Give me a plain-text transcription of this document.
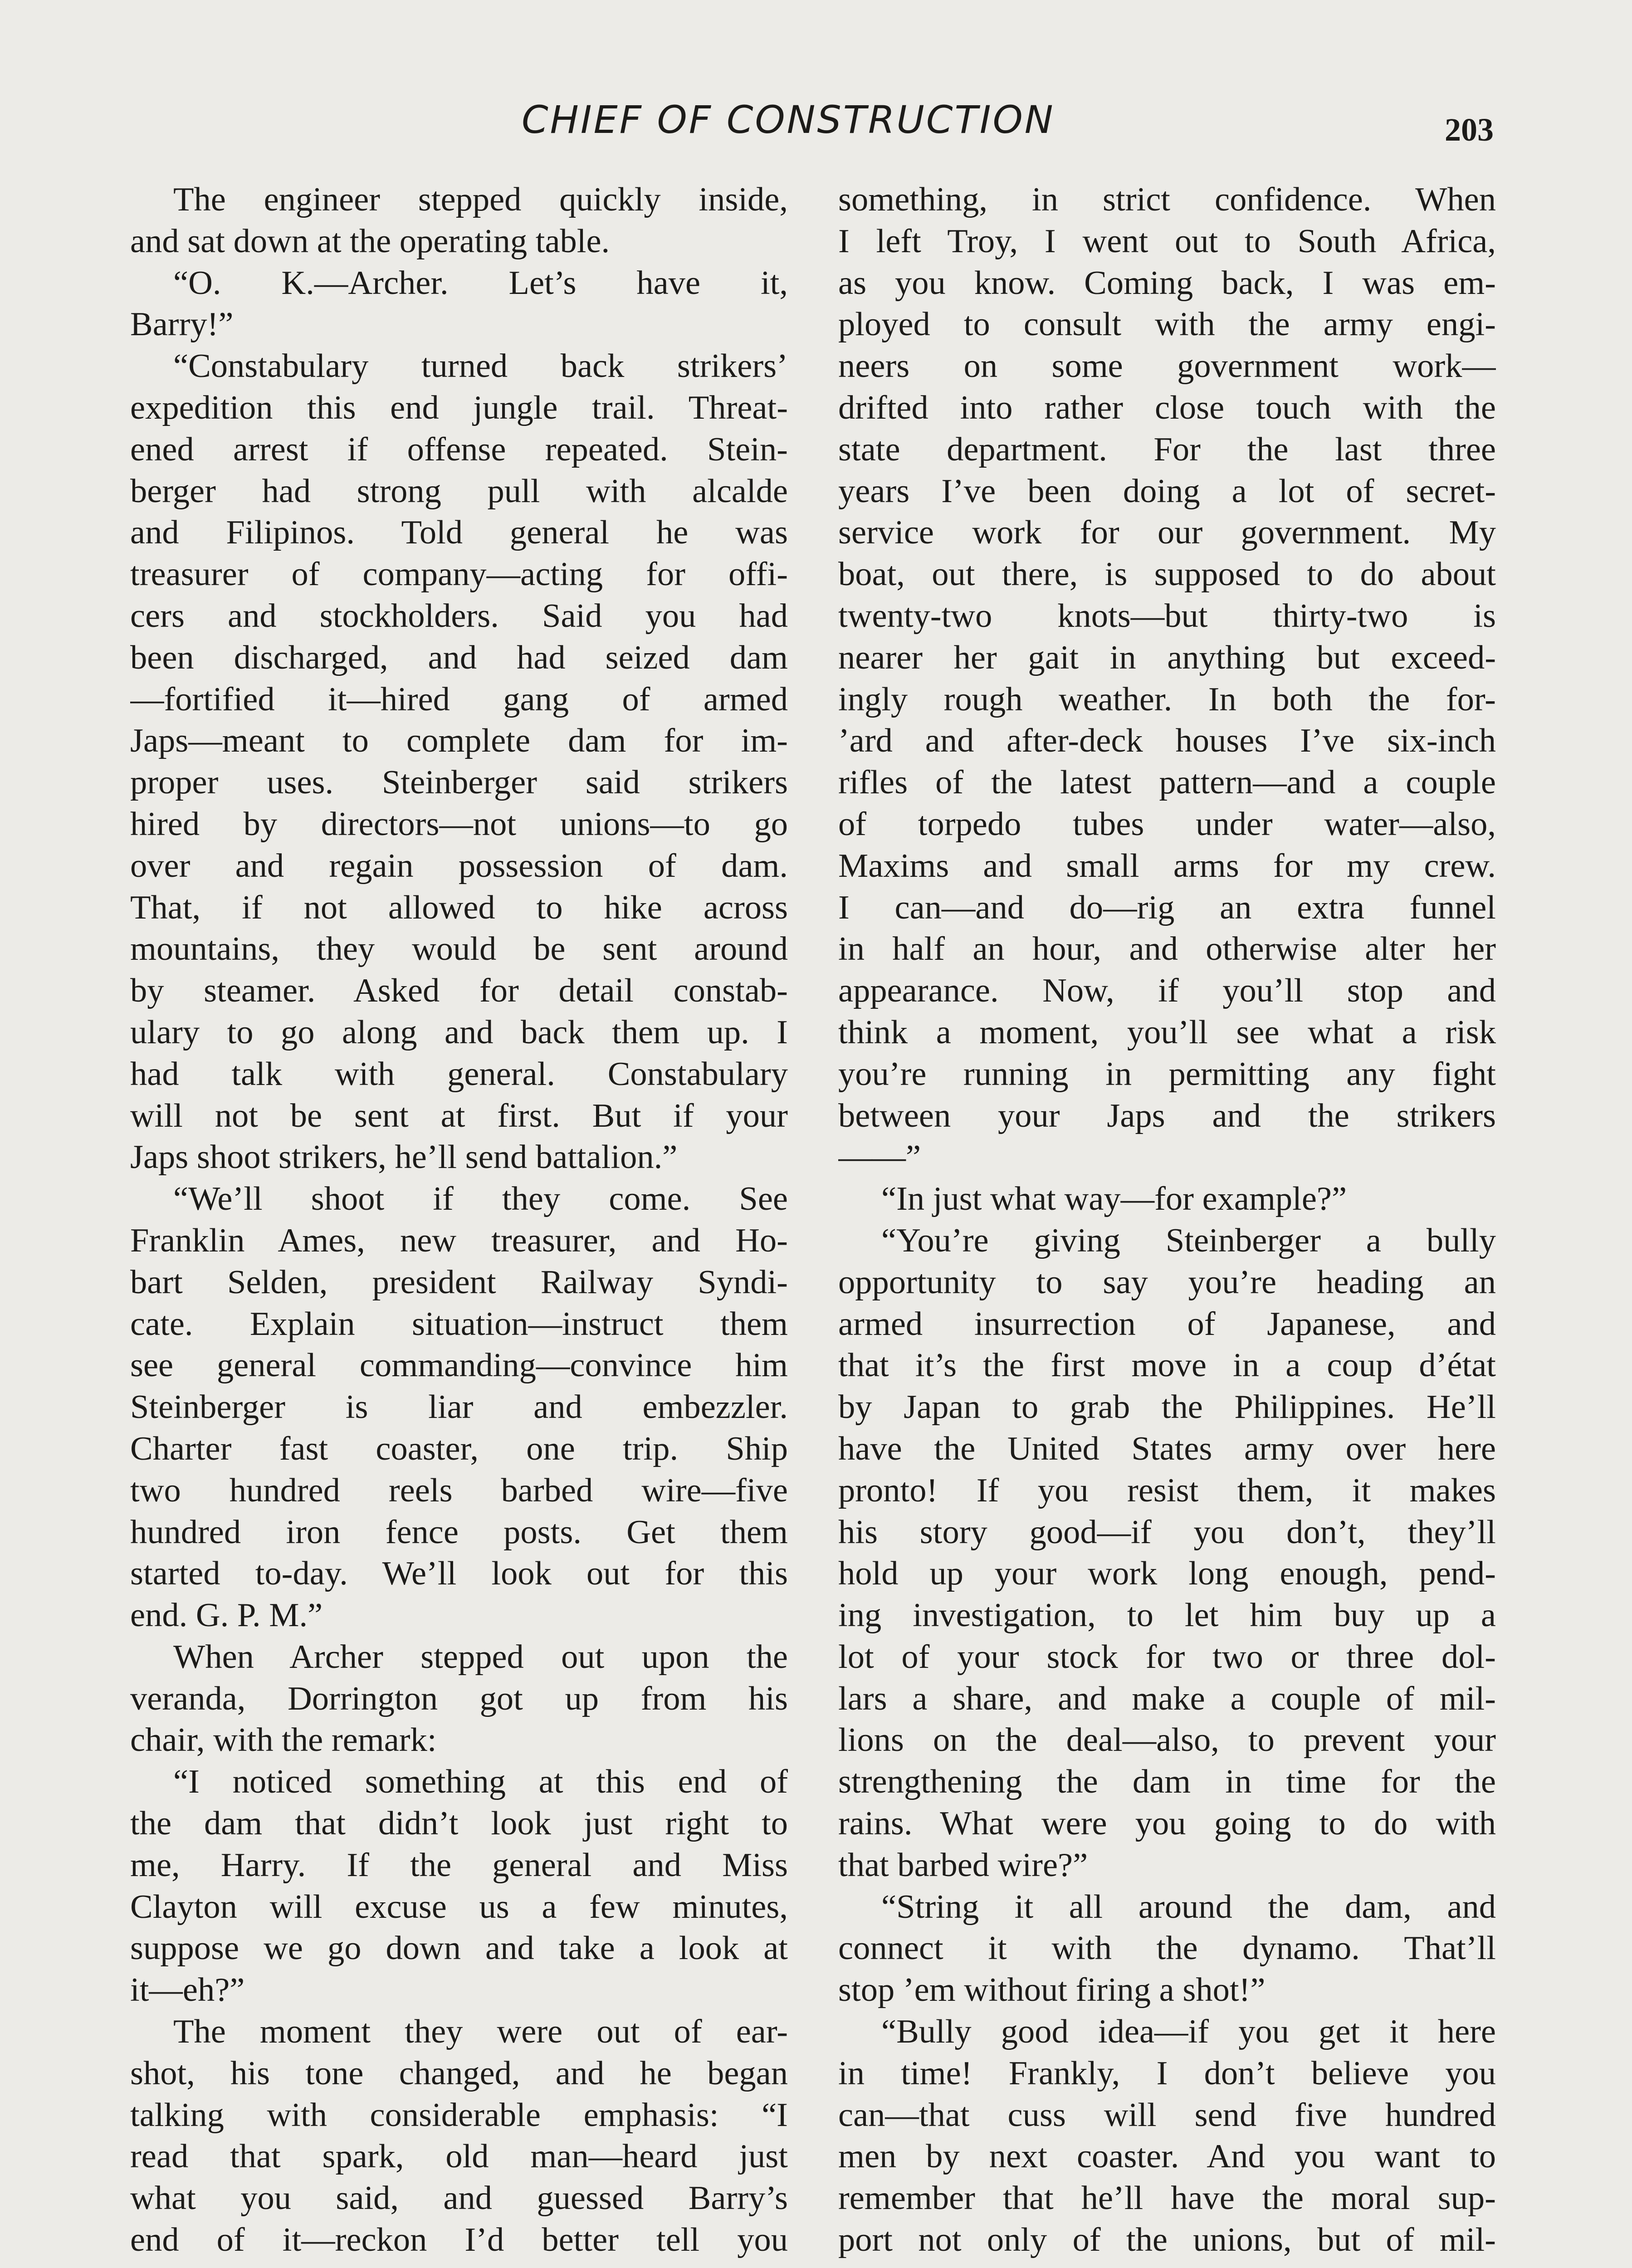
CHIEF OF CONSTRUCTION	203
The engineer stepped quickly inside,
and sat down at the operating table.
“O. K.—Archer. Let’s have it,
Barry!”
“Constabulary turned back strikers’
expedition this end jungle trail. Threat-
ened arrest if offense repeated. Stein-
berger had strong pull with alcalde
and Filipinos. Told general he was
treasurer of company—acting for offi-
cers and stockholders. Said you had
been discharged, and had seized dam
—fortified it—hired gang of armed
Japs—meant to complete dam for im-
proper uses. Steinberger said strikers
hired by directors—not unions—to go
over and regain possession of dam.
That, if not allowed to hike across
mountains, they would be sent around
by steamer. Asked for detail constab-
ulary to go along and back them up. I
had talk with general. Constabulary
will not be sent at first. But if your
Japs shoot strikers, he’ll send battalion.”
“We’ll shoot if they come. See
Franklin Ames, new treasurer, and Ho-
bart Selden, president Railway Syndi-
cate. Explain situation—instruct them
see general commanding—convince him
Steinberger is liar and embezzler.
Charter fast coaster, one trip. Ship
two hundred reels barbed wire—five
hundred iron fence posts. Get them
started to-day. We’ll look out for this
end. G. P. M.”
When Archer stepped out upon the
veranda, Dorrington got up from his
chair, with the remark:
“I noticed something at this end of
the dam that didn’t look just right to
me, Harry. If the general and Miss
Clayton will excuse us a few minutes,
suppose we go down and take a look at
it—eh?”
The moment they were out of ear-
shot, his tone changed, and he began
talking with considerable emphasis: “I
read that spark, old man—heard just
what you said, and guessed Barry’s
end of it—reckon I’d better tell you
something, in strict confidence. When
I left Troy, I went out to South Africa,
as you know. Coming back, I was em-
ployed to consult with the army engi-
neers on some government work—
drifted into rather close touch with the
state department. For the last three
years I’ve been doing a lot of secret-
service work for our government. My
boat, out there, is supposed to do about
twenty-two knots—but thirty-two is
nearer her gait in anything but exceed-
ingly rough weather. In both the for-
’ard and after-deck houses I’ve six-inch
rifles of the latest pattern—and a couple
of torpedo tubes under water—also,
Maxims and small arms for my crew.
I can—and do—rig an extra funnel
in half an hour, and otherwise alter her
appearance. Now, if you’ll stop and
think a moment, you’ll see what a risk
you’re running in permitting any fight
between your Japs and the strikers
——”
“In just what way—for example?”
“You’re giving Steinberger a bully
opportunity to say you’re heading an
armed insurrection of Japanese, and
that it’s the first move in a coup d’état
by Japan to grab the Philippines. He’ll
have the United States army over here
pronto! If you resist them, it makes
his story good—if you don’t, they’ll
hold up your work long enough, pend-
ing investigation, to let him buy up a
lot of your stock for two or three dol-
lars a share, and make a couple of mil-
lions on the deal—also, to prevent your
strengthening the dam in time for the
rains. What were you going to do with
that barbed wire?”
“String it all around the dam, and
connect it with the dynamo. That’ll
stop ’em without firing a shot!”
“Bully good idea—if you get it here
in time! Frankly, I don’t believe you
can—that cuss will send five hundred
men by next coaster. And you want to
remember that he’ll have the moral sup-
port not only of the unions, but of mil-
